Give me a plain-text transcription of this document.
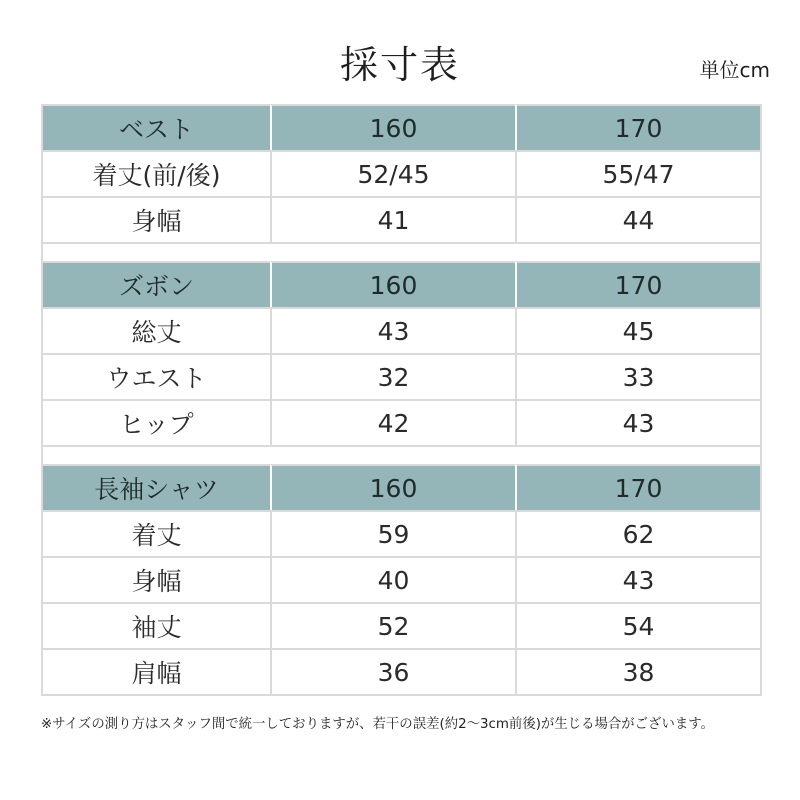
採寸表	単位cm
ベスト	160	170
着丈(前/後)	52/45	55/47
身幅	41	44

ズボン	160	170
総丈	43	45
ウエスト	32	33
ヒップ	42	43

長袖シャツ	160	170
着丈	59	62
身幅	40	43
袖丈	52	54
肩幅	36	38
※サイズの測り方はスタッフ間で統一しておりますが、若干の誤差(約2～3cm前後)が生じる場合がございます。
